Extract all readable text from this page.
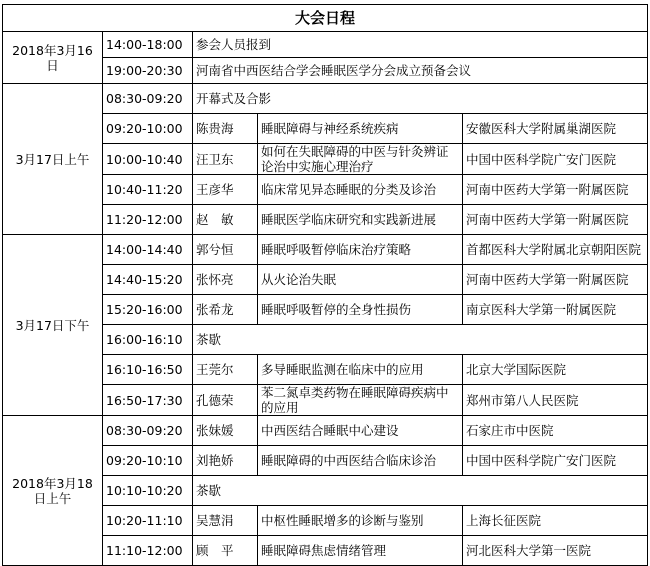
大会日程				
2018年3月16日	14:00-18:00	参会人员报到		
	19:00-20:30	河南省中西医结合学会睡眠医学分会成立预备会议		
3月17日上午	08:30-09:20	开幕式及合影		
	09:20-10:00	陈贵海	睡眠障碍与神经系统疾病	安徽医科大学附属巢湖医院
	10:00-10:40	汪卫东	如何在失眠障碍的中医与针灸辨证论治中实施心理治疗	中国中医科学院广安门医院
	10:40-11:20	王彦华	临床常见异态睡眠的分类及诊治	河南中医药大学第一附属医院
	11:20-12:00	赵　敏	睡眠医学临床研究和实践新进展	河南中医药大学第一附属医院
3月17日下午	14:00-14:40	郭兮恒	睡眠呼吸暂停临床治疗策略	首都医科大学附属北京朝阳医院
	14:40-15:20	张怀亮	从火论治失眠	河南中医药大学第一附属医院
	15:20-16:00	张希龙	睡眠呼吸暂停的全身性损伤	南京医科大学第一附属医院
	16:00-16:10	茶歇		
	16:10-16:50	王莞尔	多导睡眠监测在临床中的应用	北京大学国际医院
	16:50-17:30	孔德荣	苯二氮卓类药物在睡眠障碍疾病中的应用	郑州市第八人民医院
2018年3月18日上午	08:30-09:20	张妹媛	中西医结合睡眠中心建设	石家庄市中医院
	09:20-10:10	刘艳娇	睡眠障碍的中西医结合临床诊治	中国中医科学院广安门医院
	10:10-10:20	茶歇		
	10:20-11:10	吴慧涓	中枢性睡眠增多的诊断与鉴别	上海长征医院
	11:10-12:00	顾　平	睡眠障碍焦虑情绪管理	河北医科大学第一医院
